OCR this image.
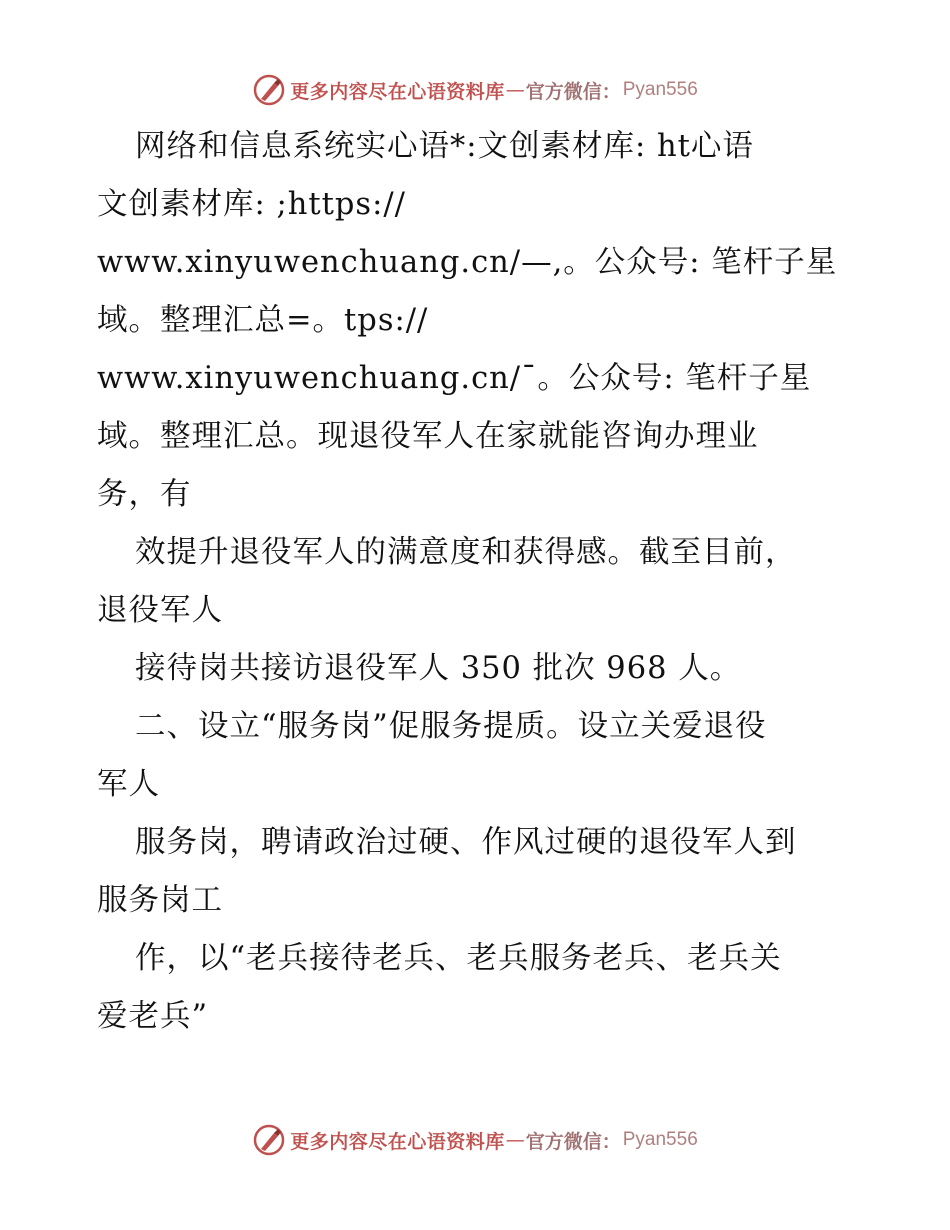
更多内容尽在心语资料库 — 官方微信： Pyan556
网络和信息系统实心语*:文创素材库: ht心语
文创素材库: ;https://
www.xinyuwenchuang.cn/—,。公众号: 笔杆子星
域。整理汇总=。tps://
www.xinyuwenchuang.cn/¯。公众号: 笔杆子星
域。整理汇总。现退役军人在家就能咨询办理业
务，有
效提升退役军人的满意度和获得感。截至目前，
退役军人
接待岗共接访退役军人 350 批次 968 人。
二、设立“服务岗”促服务提质。设立关爱退役
军人
服务岗，聘请政治过硬、作风过硬的退役军人到
服务岗工
作，以“老兵接待老兵、老兵服务老兵、老兵关
爱老兵”
更多内容尽在心语资料库 — 官方微信： Pyan556
